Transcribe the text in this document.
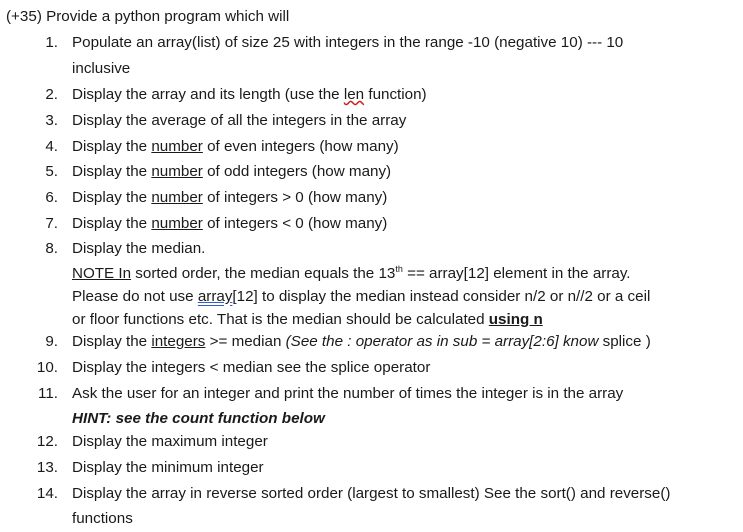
(+35) Provide a python program which will
1. Populate an array(list) of size 25 with integers in the range -10 (negative 10) --- 10
inclusive
2. Display the array and its length (use the len function)
3. Display the average of all the integers in the array
4. Display the number of even integers (how many)
5. Display the number of odd integers (how many)
6. Display the number of integers > 0 (how many)
7. Display the number of integers < 0 (how many)
8. Display the median.
NOTE In sorted order, the median equals the 13th == array[12] element in the array.
Please do not use array[12] to display the median instead consider n/2 or n//2 or a ceil
or floor functions etc. That is the median should be calculated using n
9. Display the integers >= median (See the : operator as in sub = array[2:6] know splice )
10. Display the integers < median see the splice operator
11. Ask the user for an integer and print the number of times the integer is in the array
HINT: see the count function below
12. Display the maximum integer
13. Display the minimum integer
14. Display the array in reverse sorted order (largest to smallest) See the sort() and reverse()
functions
